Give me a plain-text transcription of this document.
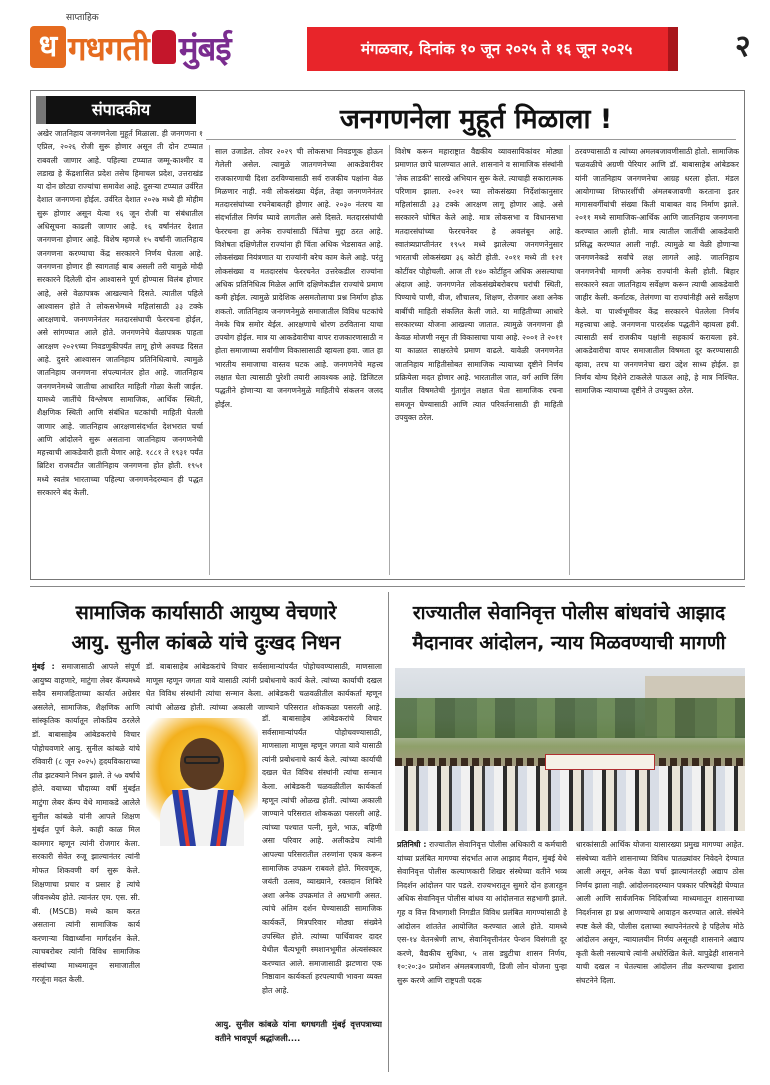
साप्ताहिक
ध गधगती मुंबई	मंगळवार, दिनांक १० जून २०२५ ते १६ जून २०२५	२
संपादकीय	जनगणनेला मुहूर्त मिळाला !
अखेर जातनिहाय जनगणनेला मुहूर्त मिळाला. ही जनगणना १ एप्रिल, २०२६ रोजी सुरू होणार असून ती दोन टप्प्यात राबवली जाणार आहे. पहिल्या टप्प्यात जम्मू-काश्मीर व लडाख हे केंद्रशासित प्रदेश तसेच हिमाचल प्रदेश, उत्तराखंड या दोन छोट्या राज्यांचा समावेश आहे. दुसऱ्या टप्प्यात उर्वरित देशात जनगणना होईल. उर्वरित देशात २०२७ मध्ये ही मोहीम सुरू होणार असून येत्या १६ जून रोजी या संबंधातील अधिसूचना काढली जाणार आहे. १६ वर्षांनंतर देशात जनगणना होणार आहे. विशेष म्हणजे १५ वर्षांनी जातनिहाय जनगणना करण्याचा केंद्र सरकारने निर्णय घेतला आहे. जनगणना होणार ही स्वागतार्ह बाब असली तरी यामुळे मोदी सरकारने दिलेली दोन आश्वासने पूर्ण होण्यास विलंब होणार आहे, असे वेळापत्रक आखल्याने दिसते. त्यातील पहिले आश्वासन होते ते लोकसभेमध्ये महिलांसाठी ३३ टक्के आरक्षणाचे. जनगणनेनंतर मतदारसंघाची फेररचना होईल, असे सांगण्यात आले होते. जनगणनेचे वेळापत्रक पाहता आरक्षण २०२९च्या निवडणुकीपर्यंत लागू होणे अवघड दिसत आहे. दुसरे आश्वासन जातनिहाय प्रतिनिधित्वाचे. त्यामुळे जातनिहाय जनगणना संपल्यानंतर होत आहे. जातनिहाय जनगणनेमध्ये जातीचा आधारित माहिती गोळा केली जाईल. यामध्ये जातींचे विश्लेषण सामाजिक, आर्थिक स्थिती, शैक्षणिक स्थिती आणि संबंधित घटकांची माहिती घेतली जाणार आहे. जातनिहाय आरक्षणासंदर्भात देशभरात चर्चा आणि आंदोलने सुरू असताना जातनिहाय जनगणनेची महत्त्वाची आकडेवारी हाती येणार आहे. १८८१ ते १९३१ पर्यंत ब्रिटिश राजवटीत जातीनिहाय जनगणना होत होती. १९५१ मध्ये स्वतंत्र भारताच्या पहिल्या जनगणनेदरम्यान ही पद्धत सरकारने बंद केली.
साल उजाडेल. तोवर २०२९ ची लोकसभा निवडणूक होऊन गेलेली असेल. त्यामुळे जातगणनेच्या आकडेवारीवर राजकारणाची दिशा ठरविण्यासाठी सर्व राजकीय पक्षांना वेळ मिळणार नाही. नवी लोकसंख्या येईल, तेव्हा जनगणनेनंतर मतदारसंघांच्या रचनेबाबतही होणार आहे. २०३० नंतरच या संदर्भातील निर्णय घ्यावे लागतील असे दिसते. मतदारसंघांची फेररचना हा अनेक राज्यांसाठी चिंतेचा मुद्दा ठरत आहे. विशेषतः दक्षिणेतील राज्यांना ही चिंता अधिक भेडसावत आहे. लोकसंख्या नियंत्रणात या राज्यांनी बरेच काम केले आहे. परंतु लोकसंख्या व मतदारसंघ फेररचनेत उत्तरेकडील राज्यांना अधिक प्रतिनिधित्व मिळेल आणि दक्षिणेकडील राज्यांचे प्रमाण कमी होईल. त्यामुळे प्रादेशिक असमतोलाचा प्रश्न निर्माण होऊ शकतो. जातिनिहाय जनगणनेमुळे समाजातील विविध घटकांचे नेमके चित्र समोर येईल. आरक्षणाचे धोरण ठरविताना याचा उपयोग होईल. मात्र या आकडेवारीचा वापर राजकारणासाठी न होता समाजाच्या सर्वांगीण विकासासाठी व्हायला हवा. जात हा भारतीय समाजाचा वास्तव घटक आहे. जनगणनेचे महत्त्व लक्षात घेता त्यासाठी पुरेशी तयारी आवश्यक आहे. डिजिटल पद्धतीने होणाऱ्या या जनगणनेमुळे माहितीचे संकलन जलद होईल.
विशेष करून महाराष्ट्रात वैद्यकीय व्यावसायिकांवर मोठ्या प्रमाणात छापे घालण्यात आले. शासनाने व सामाजिक संस्थांनी 'लेक लाडकी' सारखे अभियान सुरू केले. त्याचाही सकारात्मक परिणाम झाला. २०२१ च्या लोकसंख्या निर्देशांकानुसार महिलांसाठी ३३ टक्के आरक्षण लागू होणार आहे. असे सरकारने घोषित केले आहे. मात्र लोकसभा व विधानसभा मतदारसंघांच्या फेररचनेवर हे अवलंबून आहे. स्वातंत्र्यप्राप्तीनंतर १९५१ मध्ये झालेल्या जनगणनेनुसार भारताची लोकसंख्या ३६ कोटी होती. २०११ मध्ये ती १२१ कोटींवर पोहोचली. आज ती १४० कोटींहून अधिक असल्याचा अंदाज आहे. जनगणनेत लोकसंख्येबरोबरच घरांची स्थिती, पिण्याचे पाणी, वीज, शौचालय, शिक्षण, रोजगार अशा अनेक बाबींची माहिती संकलित केली जाते. या माहितीच्या आधारे सरकारच्या योजना आखल्या जातात. त्यामुळे जनगणना ही केवळ मोजणी नसून ती विकासाचा पाया आहे. २००१ ते २०११ या काळात साक्षरतेचे प्रमाण वाढले. यावेळी जनगणनेत जातनिहाय माहितीसोबत सामाजिक न्यायाच्या दृष्टीने निर्णय प्रक्रियेला मदत होणार आहे. भारतातील जात, वर्ग आणि लिंग यातील विषमतेची गुंतागुंत लक्षात घेता सामाजिक रचना समजून घेण्यासाठी आणि त्यात परिवर्तनासाठी ही माहिती उपयुक्त ठरेल.
ठरवण्यासाठी व त्यांच्या अमलबजावणीसाठी होतो. सामाजिक चळवळीचे अग्रणी पेरियार आणि डॉ. बाबासाहेब आंबेडकर यांनी जातनिहाय जनगणनेचा आग्रह धरला होता. मंडल आयोगाच्या शिफारशींची अंमलबजावणी करताना इतर मागासवर्गीयांची संख्या किती याबाबत वाद निर्माण झाले. २०११ मध्ये सामाजिक-आर्थिक आणि जातनिहाय जनगणना करण्यात आली होती. मात्र त्यातील जातींची आकडेवारी प्रसिद्ध करण्यात आली नाही. त्यामुळे या वेळी होणाऱ्या जनगणनेकडे सर्वांचे लक्ष लागले आहे. जातनिहाय जनगणनेची मागणी अनेक राज्यांनी केली होती. बिहार सरकारने स्वतः जातनिहाय सर्वेक्षण करून त्याची आकडेवारी जाहीर केली. कर्नाटक, तेलंगणा या राज्यांनीही असे सर्वेक्षण केले. या पार्श्वभूमीवर केंद्र सरकारने घेतलेला निर्णय महत्त्वाचा आहे. जनगणना पारदर्शक पद्धतीने व्हायला हवी. त्यासाठी सर्व राजकीय पक्षांनी सहकार्य करायला हवे. आकडेवारीचा वापर समाजातील विषमता दूर करण्यासाठी व्हावा, तरच या जनगणनेचा खरा उद्देश साध्य होईल. हा निर्णय योग्य दिशेने टाकलेले पाऊल आहे, हे मात्र निश्चित. सामाजिक न्यायाच्या दृष्टीने ते उपयुक्त ठरेल.
सामाजिक कार्यासाठी आयुष्य वेचणारे
आयु. सुनील कांबळे यांचे दुःखद निधन
मुंबई : समाजासाठी आपले संपूर्ण आयुष्य वाहणारे, माटुंगा लेबर कॅम्पमध्ये सदैव समाजहिताच्या कार्यात अग्रेसर असलेले, सामाजिक, शैक्षणिक आणि सांस्कृतिक कार्यातून लोकप्रिय ठरलेले डॉ. बाबासाहेब आंबेडकरांचे विचार पोहोचवणारे आयु. सुनील कांबळे यांचे रविवारी (८ जून २०२५) हृदयविकाराच्या तीव्र झटक्याने निधन झाले. ते ५७ वर्षांचे होते. वयाच्या चौदाव्या वर्षी मुंबईत माटुंगा लेबर कॅम्प येथे मामाकडे आलेले सुनील कांबळे यांनी आपले शिक्षण मुंबईत पूर्ण केले. काही काळ मिल कामगार म्हणून त्यांनी रोजगार केला. सरकारी सेवेत रुजू झाल्यानंतर त्यांनी मोफत शिकवणी वर्ग सुरू केले. शिक्षणाचा प्रचार व प्रसार हे त्यांचे जीवनध्येय होते. त्यानंतर एम. एस. सी. बी. (MSCB) मध्ये काम करत असताना त्यांनी सामाजिक कार्य करणाऱ्या विद्यार्थ्यांना मार्गदर्शन केले. त्याचबरोबर त्यांनी विविध सामाजिक संस्थांच्या माध्यमातून समाजातील गरजूंना मदत केली.
डॉ. बाबासाहेब आंबेडकरांचे विचार सर्वसामान्यांपर्यंत पोहोचवण्यासाठी, माणसाला माणूस म्हणून जगता यावे यासाठी त्यांनी प्रबोधनाचे कार्य केले. त्यांच्या कार्याची दखल घेत विविध संस्थांनी त्यांचा सन्मान केला. आंबेडकरी चळवळीतील कार्यकर्ता म्हणून त्यांची ओळख होती. त्यांच्या अकाली जाण्याने परिसरात शोककळा पसरली आहे.
डॉ. बाबासाहेब आंबेडकरांचे विचार सर्वसामान्यांपर्यंत पोहोचवण्यासाठी, माणसाला माणूस म्हणून जगता यावे यासाठी त्यांनी प्रबोधनाचे कार्य केले. त्यांच्या कार्याची दखल घेत विविध संस्थांनी त्यांचा सन्मान केला. आंबेडकरी चळवळीतील कार्यकर्ता म्हणून त्यांची ओळख होती. त्यांच्या अकाली जाण्याने परिसरात शोककळा पसरली आहे. त्यांच्या पश्चात पत्नी, मुले, भाऊ, बहिणी असा परिवार आहे. अलीकडेच त्यांनी आपल्या परिसरातील तरुणांना एकत्र करून सामाजिक उपक्रम राबवले होते. मिरवणूक, जयंती उत्सव, व्याख्याने, रक्तदान शिबिरे अशा अनेक उपक्रमांत ते अग्रभागी असत. त्यांचे अंतिम दर्शन घेण्यासाठी सामाजिक कार्यकर्ते, मित्रपरिवार मोठ्या संख्येने उपस्थित होते. त्यांच्या पार्थिवावर दादर येथील चैत्यभूमी स्मशानभूमीत अंत्यसंस्कार करण्यात आले. समाजासाठी झटणारा एक निष्ठावान कार्यकर्ता हरपल्याची भावना व्यक्त होत आहे.
आयु. सुनील कांबळे यांना धगधगती मुंबई वृत्तपत्राच्या वतीने भावपूर्ण श्रद्धांजली....
राज्यातील सेवानिवृत्त पोलीस बांधवांचे आझाद
मैदानावर आंदोलन, न्याय मिळवण्याची मागणी
प्रतिनिधी : राज्यातील सेवानिवृत्त पोलीस अधिकारी व कर्मचारी यांच्या प्रलंबित मागण्या संदर्भात आज आझाद मैदान, मुंबई येथे सेवानिवृत्त पोलीस कल्याणकारी शिखर संस्थेच्या वतीने भव्य निदर्शन आंदोलन पार पडले. राज्यभरातून सुमारे दोन हजारहून अधिक सेवानिवृत्त पोलीस बांधव या आंदोलनात सहभागी झाले. गृह व वित्त विभागाशी निगडीत विविध प्रलंबित मागण्यांसाठी हे आंदोलन शांततेत आयोजित करण्यात आले होते. यामध्ये एस-१४ वेतनश्रेणी लाभ, सेवानिवृत्तीनंतर पेन्शन विसंगती दूर करणे, वैद्यकीय सुविधा, ५ तास ड्युटीचा शासन निर्णय, १०:२०:३० प्रमोशन अंमलबजावणी, डिजी लोन योजना पुन्हा सुरू करणे आणि राष्ट्रपती पदक
धारकांसाठी आर्थिक योजना यासारख्या प्रमुख मागण्या आहेत. संस्थेच्या वतीने शासनाच्या विविध पातळ्यांवर निवेदने देण्यात आली असून, अनेक वेळा चर्चा झाल्यानंतरही अद्याप ठोस निर्णय झाला नाही. आंदोलनादरम्यान पत्रकार परिषदेही घेण्यात आली आणि सार्वजनिक निदिर्जाच्या माध्यमातून शासनाच्या निदर्शनास हा प्रश्न आणण्याचे आवाहन करण्यात आले. संस्थेने स्पष्ट केले की, पोलीस दलाच्या स्थापनेनंतरचे हे पहिलेच मोठे आंदोलन असून, न्यायालयीन निर्णय असूनही शासनाने अद्याप कृती केली नसल्याचे त्यांनी अधोरेखित केले. यापुढेही शासनाने याची दखल न घेतल्यास आंदोलन तीव्र करण्याचा इशारा संघटनेने दिला.
